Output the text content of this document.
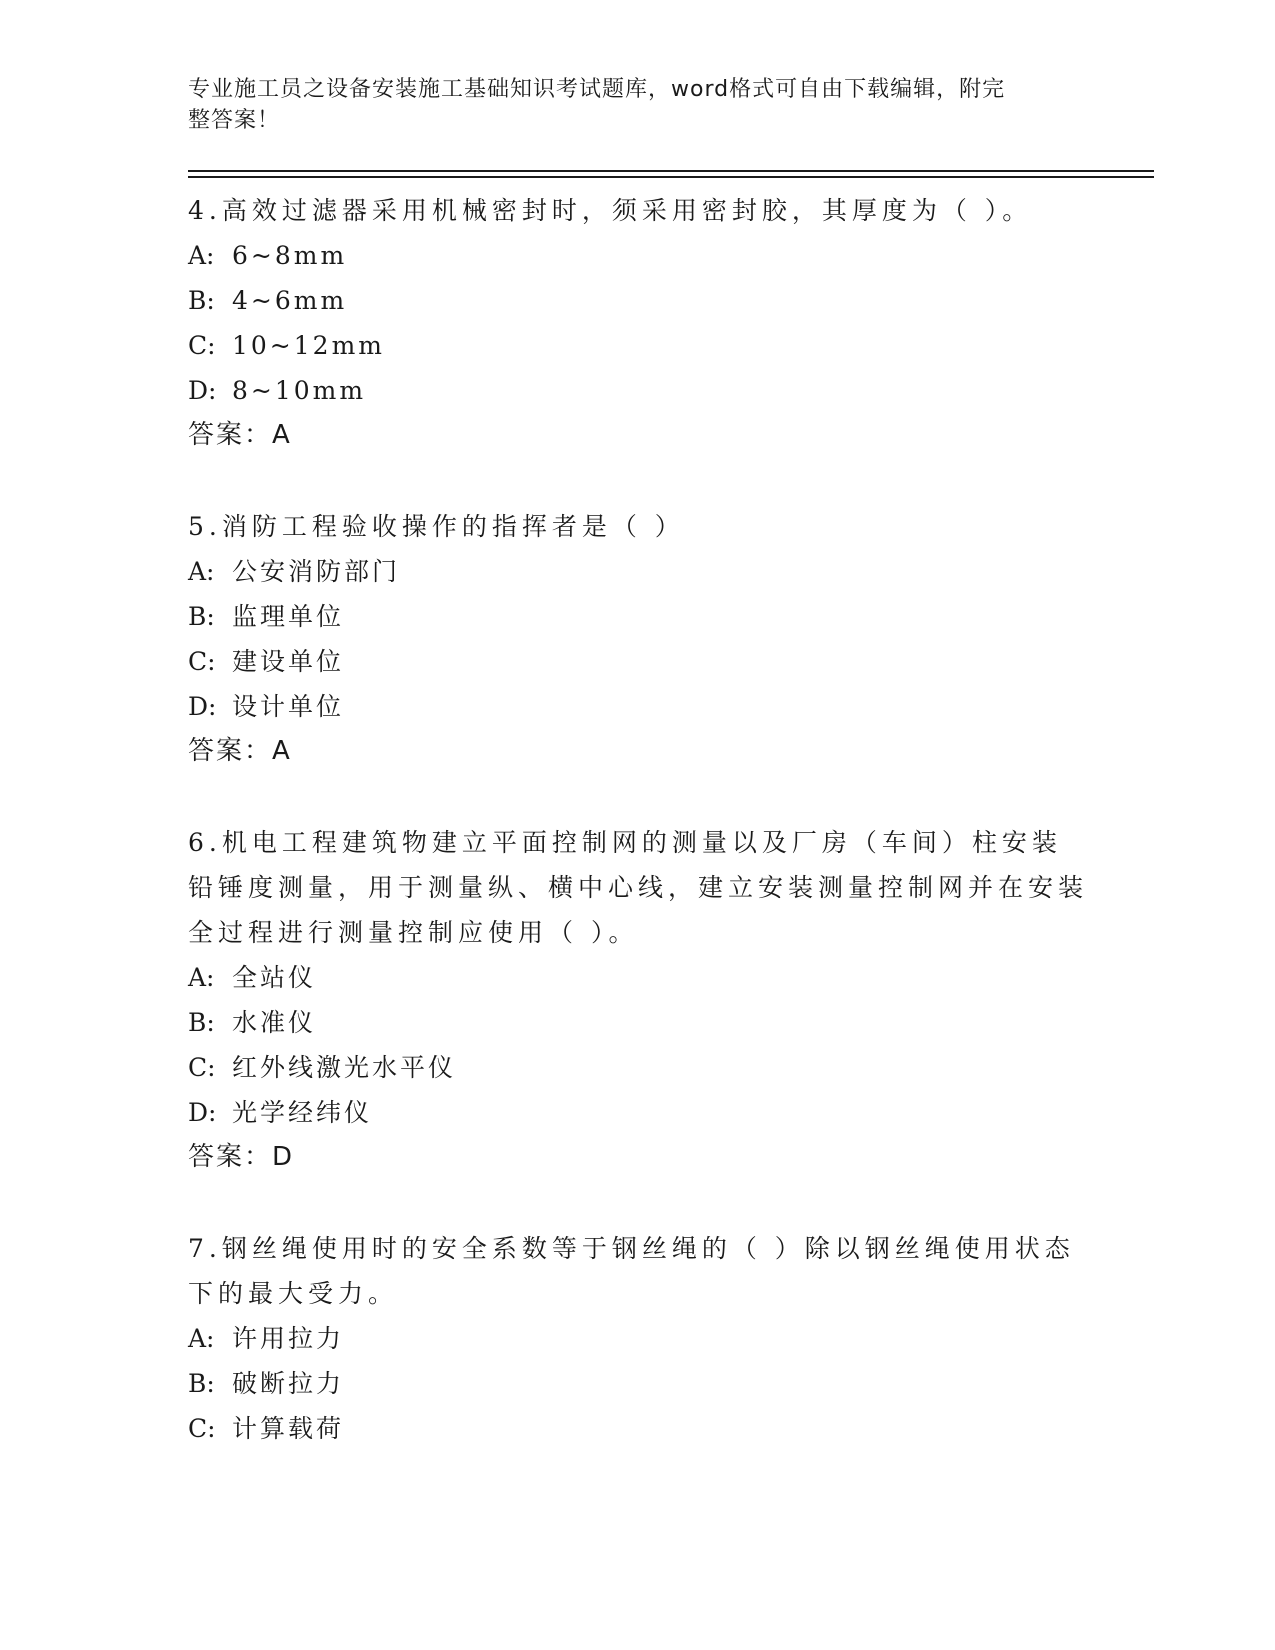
专业施工员之设备安装施工基础知识考试题库，word格式可自由下载编辑，附完
整答案！

4.高效过滤器采用机械密封时，须采用密封胶，其厚度为（ ）。

A: 6~8mm

B: 4~6mm

C: 10~12mm

D: 8~10mm

答案：A

5.消防工程验收操作的指挥者是（ ）

A: 公安消防部门

B: 监理单位

C: 建设单位

D: 设计单位

答案：A

6.机电工程建筑物建立平面控制网的测量以及厂房（车间）柱安装铅锤度测量，用于测量纵、横中心线，建立安装测量控制网并在安装全过程进行测量控制应使用（ ）。

A: 全站仪

B: 水准仪

C: 红外线激光水平仪

D: 光学经纬仪

答案：D

7.钢丝绳使用时的安全系数等于钢丝绳的（ ）除以钢丝绳使用状态下的最大受力。

A: 许用拉力

B: 破断拉力

C: 计算载荷
